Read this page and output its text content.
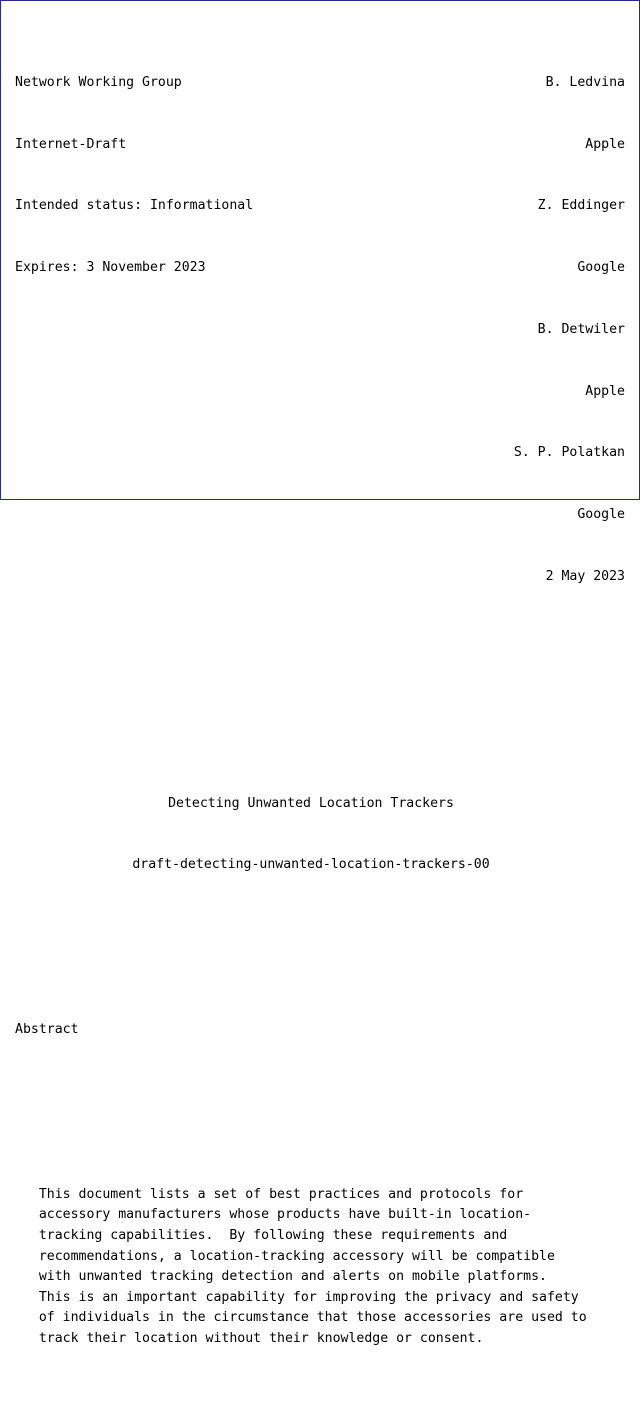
Network Working Group	B. Ledvina

Internet-Draft	Apple

Intended status: Informational	Z. Eddinger

Expires: 3 November 2023	Google

B. Detwiler

Apple

S. P. Polatkan

Google

2 May 2023

Detecting Unwanted Location Trackers

draft-detecting-unwanted-location-trackers-00

Abstract

This document lists a set of best practices and protocols for
accessory manufacturers whose products have built-in location-
tracking capabilities.  By following these requirements and
recommendations, a location-tracking accessory will be compatible
with unwanted tracking detection and alerts on mobile platforms.
This is an important capability for improving the privacy and safety
of individuals in the circumstance that those accessories are used to
track their location without their knowledge or consent.
